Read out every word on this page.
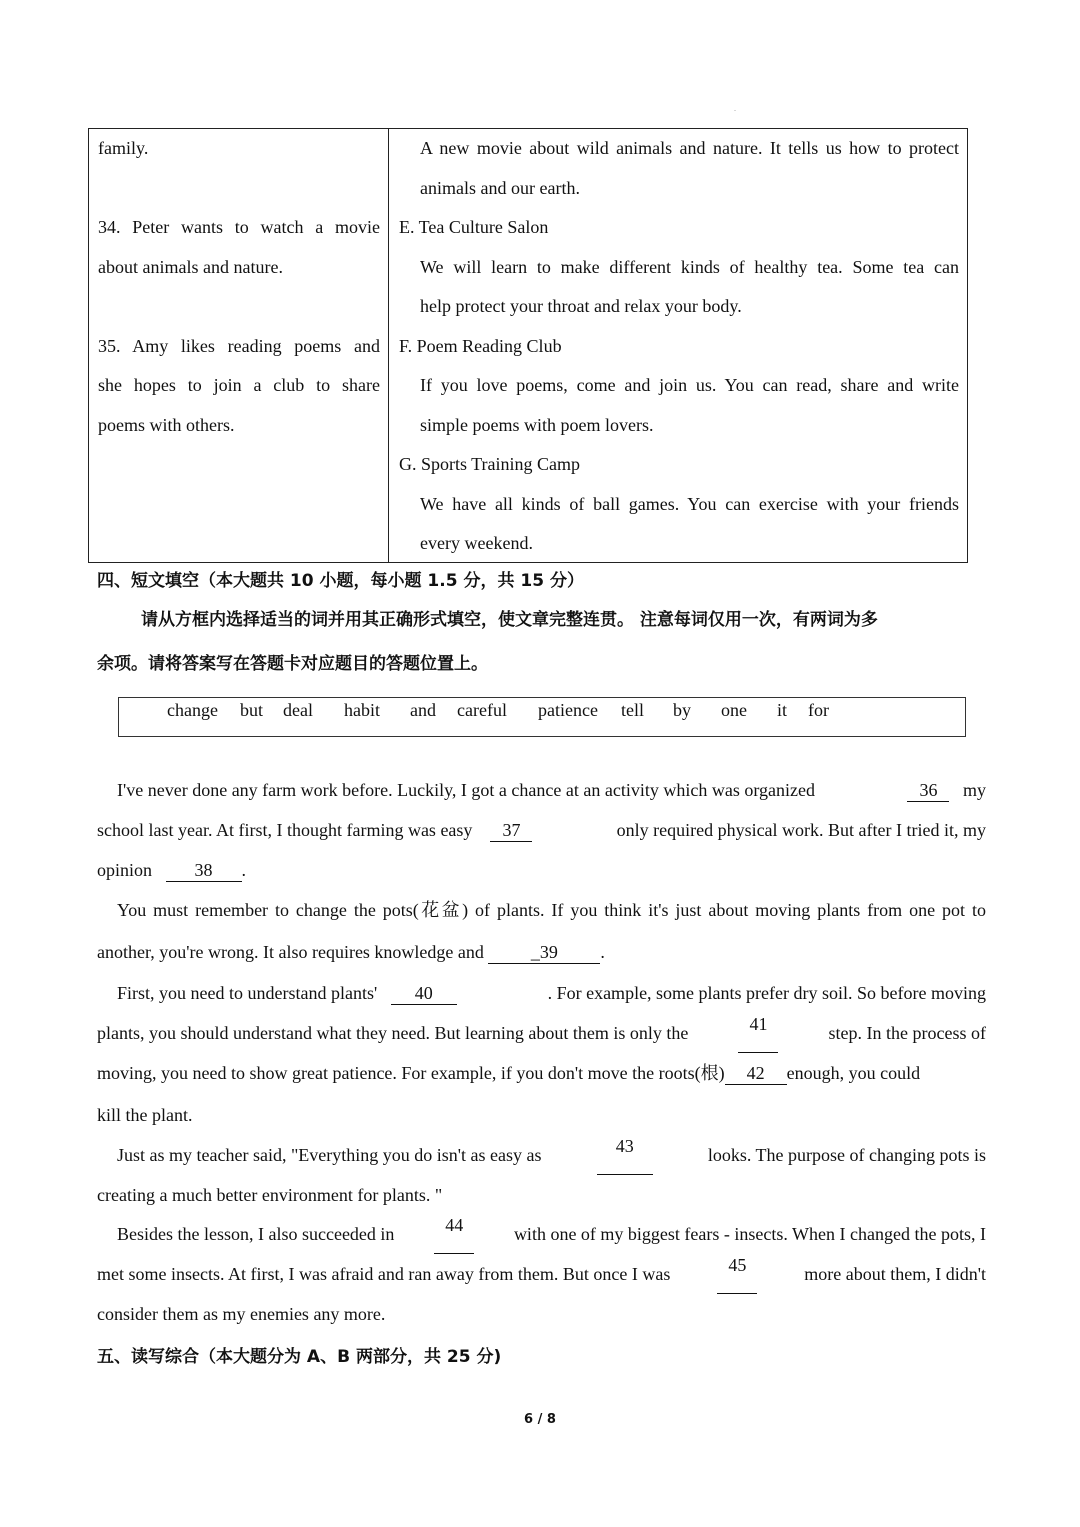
.
family.
34. Peter wants to watch a movie
about animals and nature.
35. Amy likes reading poems and
she hopes to join a club to share
poems with others.
A new movie about wild animals and nature. It tells us how to protect
animals and our earth.
E. Tea Culture Salon
We will learn to make different kinds of healthy tea. Some tea can
help protect your throat and relax your body.
F. Poem Reading Club
If you love poems, come and join us. You can read, share and write
simple poems with poem lovers.
G. Sports Training Camp
We have all kinds of ball games. You can exercise with your friends
every weekend.
四、短文填空（本大题共 10 小题，每小题 1.5 分，共 15 分）
请从方框内选择适当的词并用其正确形式填空，使文章完整连贯。 注意每词仅用一次，有两词为多
余项。请将答案写在答题卡对应题目的答题位置上。
change but deal habit and careful patience tell by one it for
I've never done any farm work before. Luckily, I got a chance at an activity which was organized	36 my
school last year. At first, I thought farming was easy 37	only required physical work. But after I tried it, my
opinion 38 .
You must remember to change the pots(花盆) of plants. If you think it's just about moving plants from one pot to
another, you're wrong. It also requires knowledge and	_39 .
First, you need to understand plants' 40	. For example, some plants prefer dry soil. So before moving
plants, you should understand what they need. But learning about them is only the	41	step. In the process of
moving, you need to show great patience. For example, if you don't move the roots(根) 42 enough, you could
kill the plant.
Just as my teacher said, "Everything you do isn't as easy as	43	looks. The purpose of changing pots is
creating a much better environment for plants. "
Besides the lesson, I also succeeded in	44	with one of my biggest fears - insects. When I changed the pots, I
met some insects. At first, I was afraid and ran away from them. But once I was	45	more about them, I didn't
consider them as my enemies any more.
五、读写综合（本大题分为 A、B 两部分，共 25 分)
6 / 8
